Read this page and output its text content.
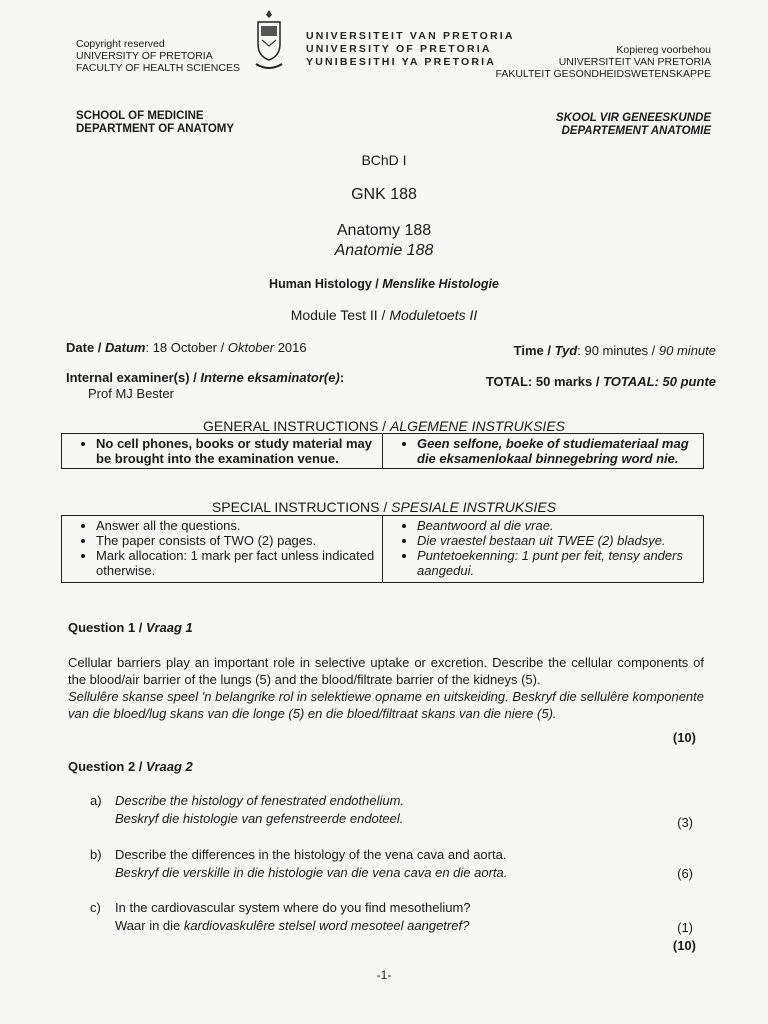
UNIVERSITEIT VAN PRETORIA
UNIVERSITY OF PRETORIA
YUNIBESITHI YA PRETORIA
Copyright reserved
UNIVERSITY OF PRETORIA
FACULTY OF HEALTH SCIENCES
Kopiereg voorbehou
UNIVERSITEIT VAN PRETORIA
FAKULTEIT GESONDHEIDSWETENSKAPPE
SCHOOL OF MEDICINE
DEPARTMENT OF ANATOMY
SKOOL VIR GENEESKUNDE
DEPARTEMENT ANATOMIE
BChD I
GNK 188
Anatomy 188
Anatomie 188
Human Histology / Menslike Histologie
Module Test II / Moduletoets II
Date / Datum: 18 October / Oktober 2016	Time / Tyd: 90 minutes / 90 minute
Internal examiner(s) / Interne eksaminator(e):
Prof MJ Bester
TOTAL: 50 marks / TOTAAL: 50 punte
GENERAL INSTRUCTIONS / ALGEMENE INSTRUKSIES
• No cell phones, books or study material may be brought into the examination venue.

• Geen selfone, boeke of studiemateriaal mag die eksamenlokaal binnegebring word nie.
SPECIAL INSTRUCTIONS / SPESIALE INSTRUKSIES
• Answer all the questions.
• The paper consists of TWO (2) pages.
• Mark allocation: 1 mark per fact unless indicated otherwise.

• Beantwoord al die vrae.
• Die vraestel bestaan uit TWEE (2) bladsye.
• Puntetoekenning: 1 punt per feit, tensy anders aangedui.
Question 1 / Vraag 1
Cellular barriers play an important role in selective uptake or excretion. Describe the cellular components of the blood/air barrier of the lungs (5) and the blood/filtrate barrier of the kidneys (5).
Sellulêre skanse speel 'n belangrike rol in selektiewe opname en uitskeiding. Beskryf die sellulêre komponente van die bloed/lug skans van die longe (5) en die bloed/filtraat skans van die niere (5).
(10)
Question 2 / Vraag 2
a) Describe the histology of fenestrated endothelium.
Beskryf die histologie van gefenstreerde endoteel.	(3)
b) Describe the differences in the histology of the vena cava and aorta.
Beskryf die verskille in die histologie van die vena cava en die aorta.	(6)
c) In the cardiovascular system where do you find mesothelium?
Waar in die kardiovaskulêre stelsel word mesoteel aangetref?	(1)
(10)
-1-
